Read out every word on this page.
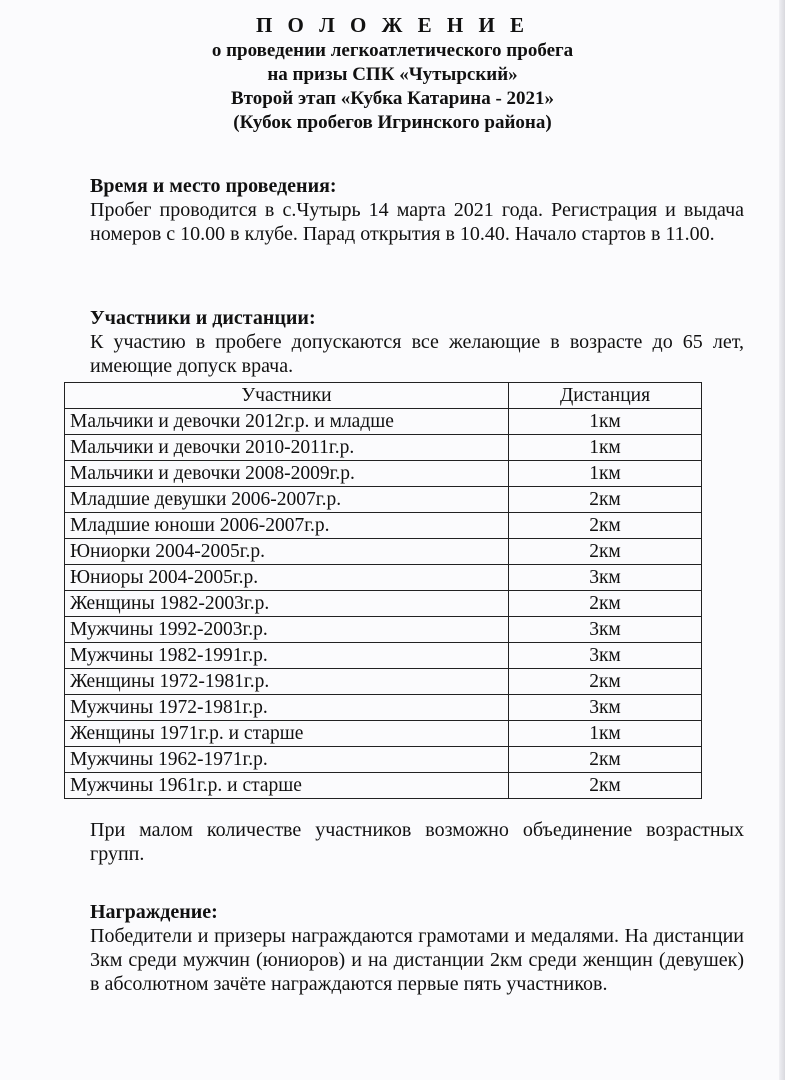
П О Л О Ж Е Н И Е
о проведении легкоатлетического пробега
на призы СПК «Чутырский»
Второй этап «Кубка Катарина - 2021»
(Кубок пробегов Игринского района)
Время и место проведения:
Пробег проводится в с.Чутырь 14 марта 2021 года. Регистрация и выдача номеров с 10.00 в клубе. Парад открытия в 10.40. Начало стартов в 11.00.
Участники и дистанции:
К участию в пробеге допускаются все желающие в возрасте до 65 лет, имеющие допуск врача.
Участники	Дистанция
Мальчики и девочки 2012г.р. и младше	1км
Мальчики и девочки 2010-2011г.р.	1км
Мальчики и девочки 2008-2009г.р.	1км
Младшие девушки 2006-2007г.р.	2км
Младшие юноши 2006-2007г.р.	2км
Юниорки 2004-2005г.р.	2км
Юниоры 2004-2005г.р.	3км
Женщины 1982-2003г.р.	2км
Мужчины 1992-2003г.р.	3км
Мужчины 1982-1991г.р.	3км
Женщины 1972-1981г.р.	2км
Мужчины 1972-1981г.р.	3км
Женщины 1971г.р. и старше	1км
Мужчины 1962-1971г.р.	2км
Мужчины 1961г.р. и старше	2км
При малом количестве участников возможно объединение возрастных групп.
Награждение:
Победители и призеры награждаются грамотами и медалями. На дистанции 3км среди мужчин (юниоров) и на дистанции 2км среди женщин (девушек) в абсолютном зачёте награждаются первые пять участников.
